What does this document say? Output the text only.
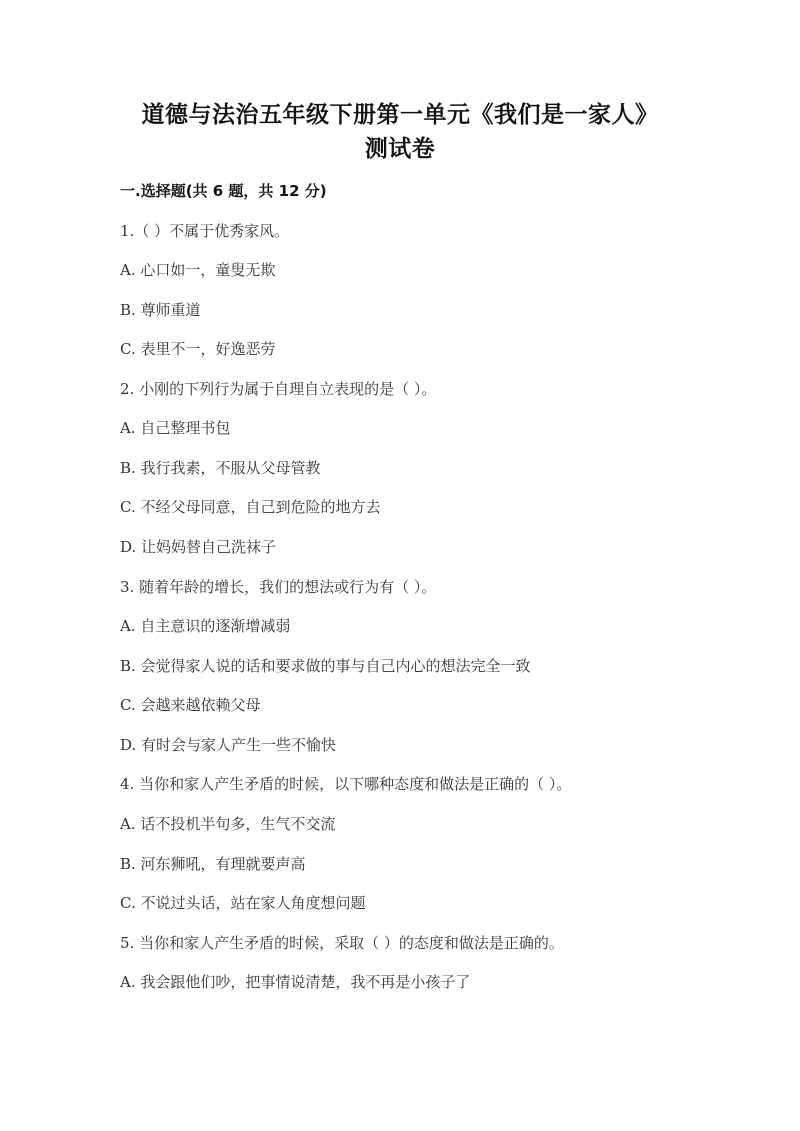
道德与法治五年级下册第一单元《我们是一家人》
测试卷
一.选择题(共 6 题，共 12 分)
1.（ ）不属于优秀家风。
A. 心口如一，童叟无欺
B. 尊师重道
C. 表里不一，好逸恶劳
2. 小刚的下列行为属于自理自立表现的是（ ）。
A. 自己整理书包
B. 我行我素，不服从父母管教
C. 不经父母同意，自己到危险的地方去
D. 让妈妈替自己洗袜子
3. 随着年龄的增长，我们的想法或行为有（ ）。
A. 自主意识的逐渐增减弱
B. 会觉得家人说的话和要求做的事与自己内心的想法完全一致
C. 会越来越依赖父母
D. 有时会与家人产生一些不愉快
4. 当你和家人产生矛盾的时候，以下哪种态度和做法是正确的（ ）。
A. 话不投机半句多，生气不交流
B. 河东狮吼，有理就要声高
C. 不说过头话，站在家人角度想问题
5. 当你和家人产生矛盾的时候，采取（ ）的态度和做法是正确的。
A. 我会跟他们吵，把事情说清楚，我不再是小孩子了
